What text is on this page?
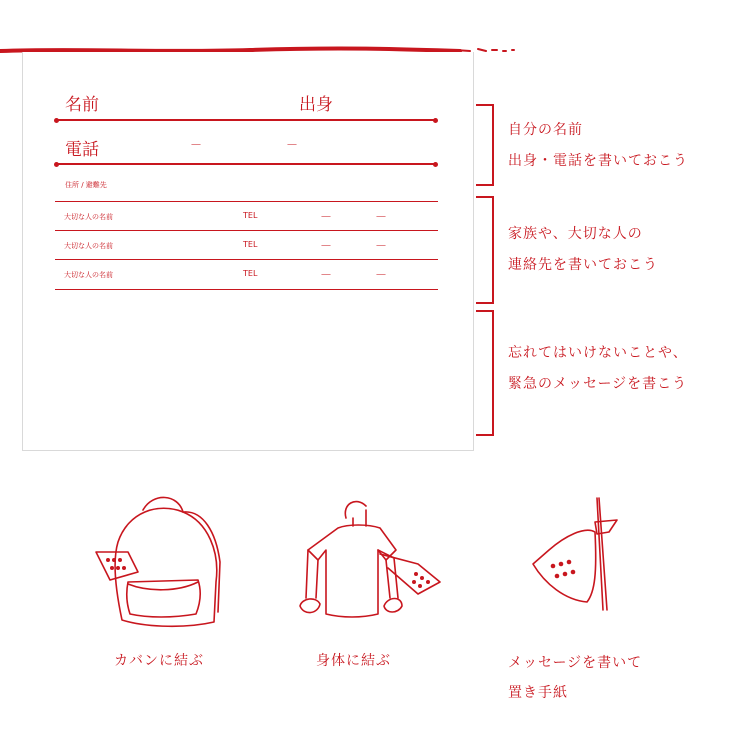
名前	出身
電話	－	－
住所 / 避難先
大切な人の名前	TEL	－	－
大切な人の名前	TEL	－	－
大切な人の名前	TEL	－	－
自分の名前
出身・電話を書いておこう
家族や、大切な人の
連絡先を書いておこう
忘れてはいけないことや、
緊急のメッセージを書こう
カバンに結ぶ	身体に結ぶ	メッセージを書いて
置き手紙
